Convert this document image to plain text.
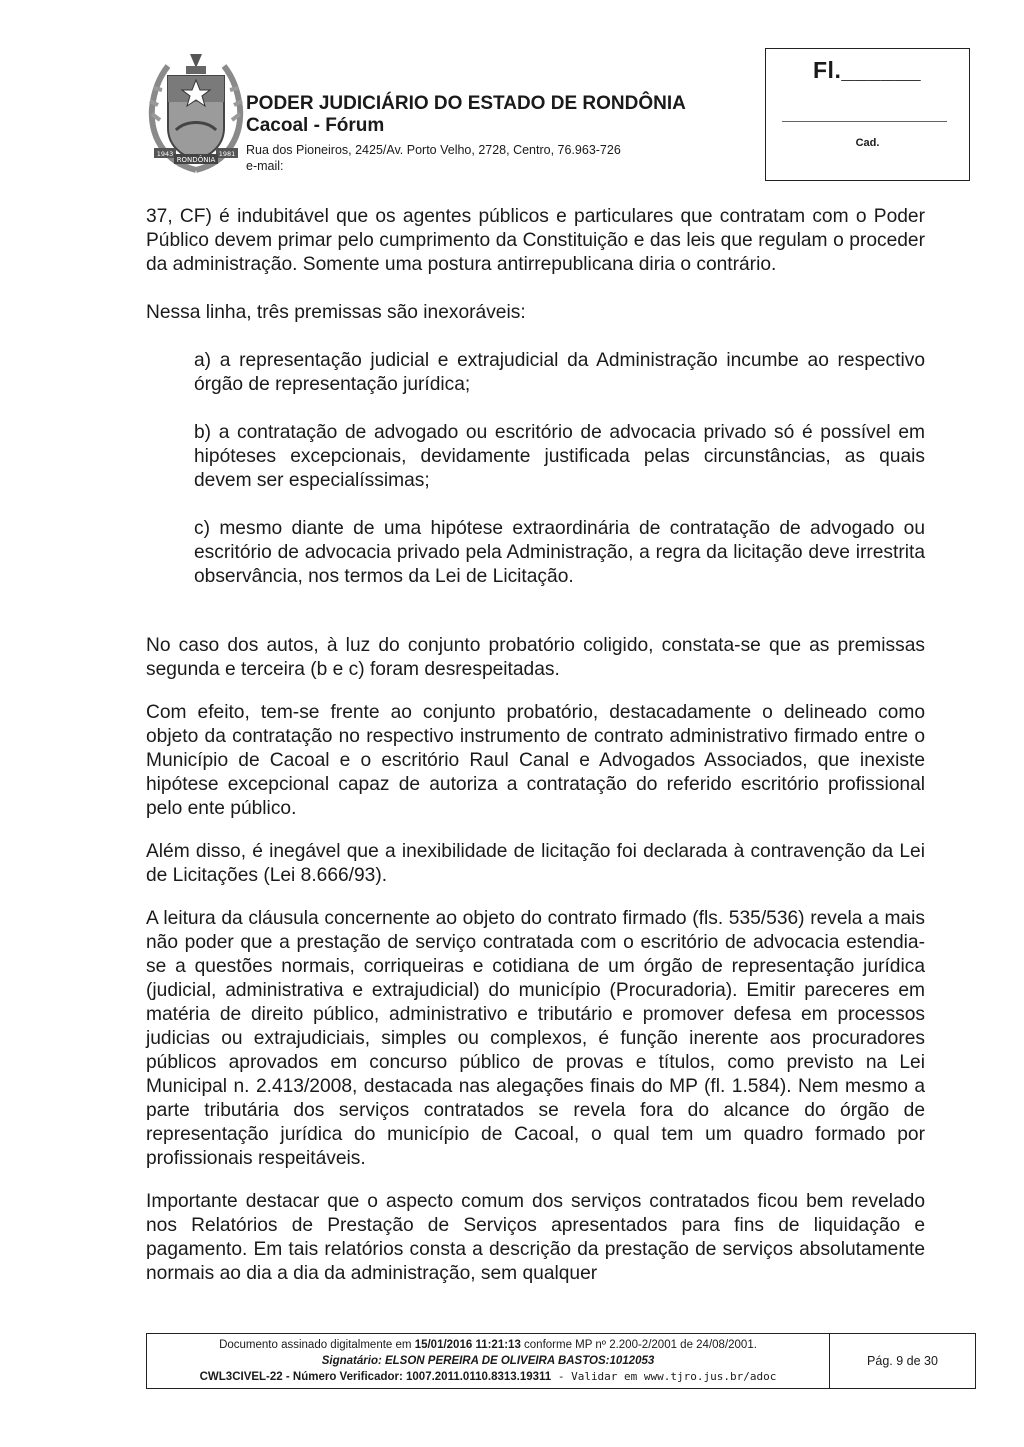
1943	1981
RONDÔNIA

PODER JUDICIÁRIO DO ESTADO DE RONDÔNIA

Cacoal - Fórum

Rua dos Pioneiros, 2425/Av. Porto Velho, 2728, Centro, 76.963-726
e-mail:
Fl.______
Cad.

37, CF) é indubitável que os agentes públicos e particulares que contratam com o Poder Público devem primar pelo cumprimento da Constituição e das leis que regulam o proceder da administração. Somente uma postura antirrepublicana diria o contrário.

Nessa linha, três premissas são inexoráveis:

a) a representação judicial e extrajudicial da Administração incumbe ao respectivo órgão de representação jurídica;

b) a contratação de advogado ou escritório de advocacia privado só é possível em hipóteses excepcionais, devidamente justificada pelas circunstâncias, as quais devem ser especialíssimas;

c) mesmo diante de uma hipótese extraordinária de contratação de advogado ou escritório de advocacia privado pela Administração, a regra da licitação deve irrestrita observância, nos termos da Lei de Licitação.

No caso dos autos, à luz do conjunto probatório coligido, constata-se que as premissas segunda e terceira (b e c) foram desrespeitadas.

Com efeito, tem-se frente ao conjunto probatório, destacadamente o delineado como objeto da contratação no respectivo instrumento de contrato administrativo firmado entre o Município de Cacoal e o escritório Raul Canal e Advogados Associados, que inexiste hipótese excepcional capaz de autoriza a contratação do referido escritório profissional pelo ente público.

Além disso, é inegável que a inexibilidade de licitação foi declarada à contravenção da Lei de Licitações (Lei 8.666/93).

A leitura da cláusula concernente ao objeto do contrato firmado (fls. 535/536) revela a mais não poder que a prestação de serviço contratada com o escritório de advocacia estendia-se a questões normais, corriqueiras e cotidiana de um órgão de representação jurídica (judicial, administrativa e extrajudicial) do município (Procuradoria). Emitir pareceres em matéria de direito público, administrativo e tributário e promover defesa em processos judicias ou extrajudiciais, simples ou complexos, é função inerente aos procuradores públicos aprovados em concurso público de provas e títulos, como previsto na Lei Municipal n. 2.413/2008, destacada nas alegações finais do MP (fl. 1.584). Nem mesmo a parte tributária dos serviços contratados se revela fora do alcance do órgão de representação jurídica do município de Cacoal, o qual tem um quadro formado por profissionais respeitáveis.

Importante destacar que o aspecto comum dos serviços contratados ficou bem revelado nos Relatórios de Prestação de Serviços apresentados para fins de liquidação e pagamento. Em tais relatórios consta a descrição da prestação de serviços absolutamente normais ao dia a dia da administração, sem qualquer

Documento assinado digitalmente em 15/01/2016 11:21:13 conforme MP nº 2.200-2/2001 de 24/08/2001.
Signatário: ELSON PEREIRA DE OLIVEIRA BASTOS:1012053
CWL3CIVEL-22 - Número Verificador: 1007.2011.0110.8313.19311 - Validar em www.tjro.jus.br/adoc
Pág. 9 de 30
